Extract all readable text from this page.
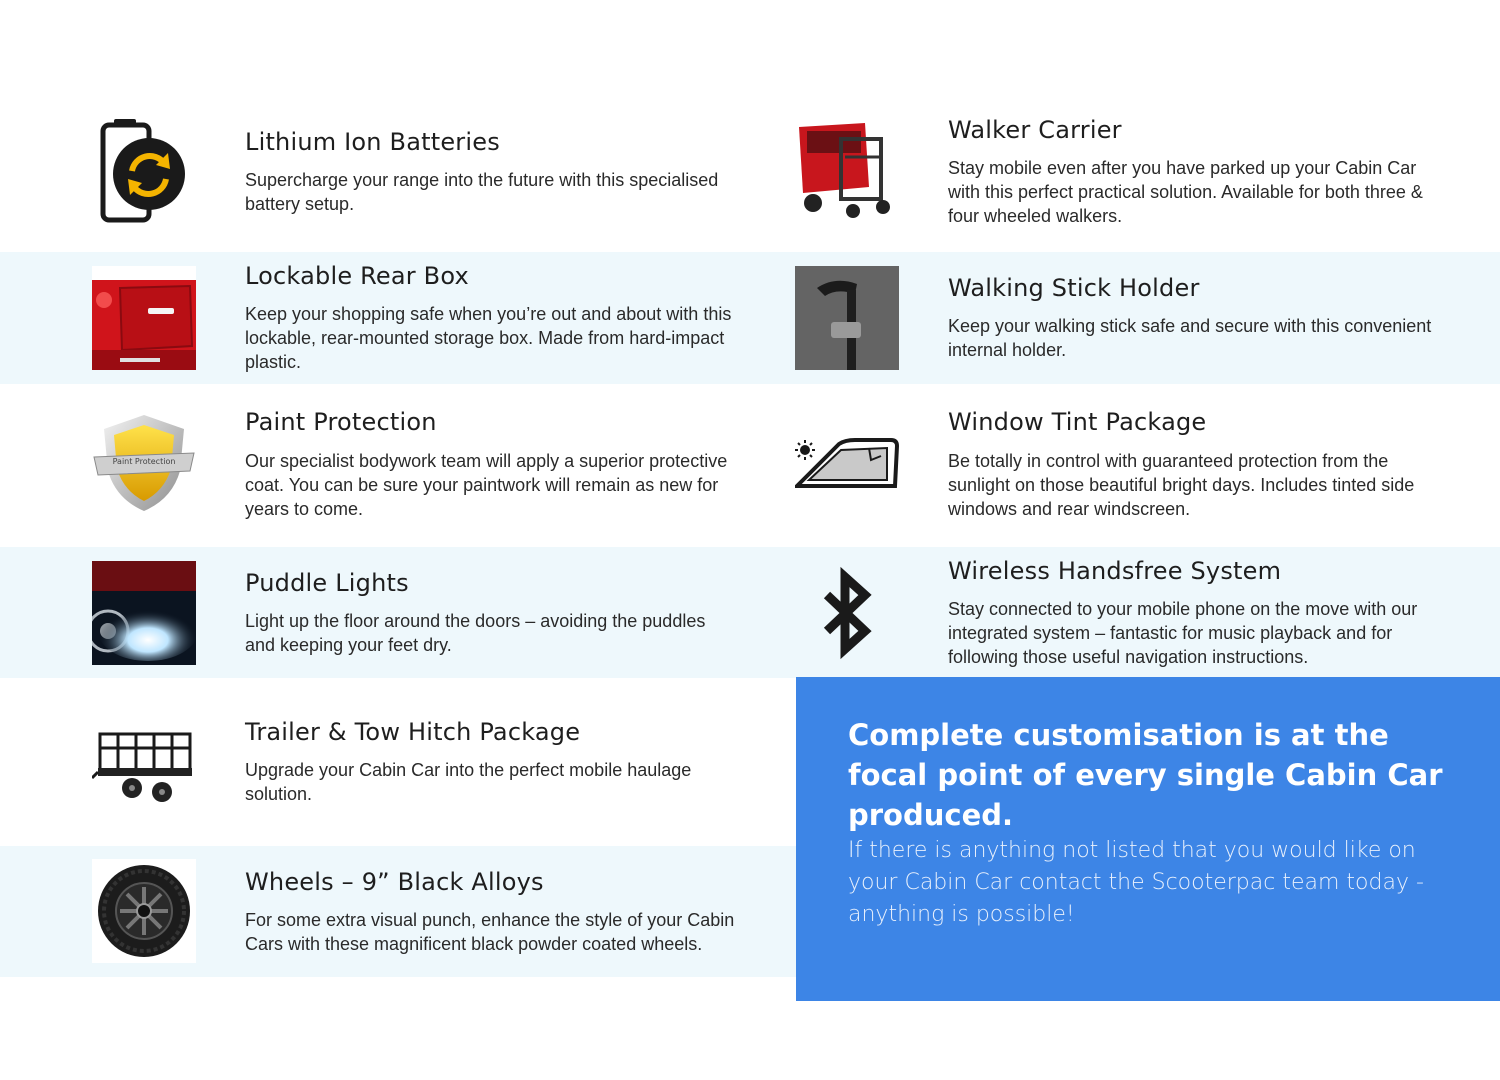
Lithium Ion Batteries
Supercharge your range into the future with this specialised battery setup.
Walker Carrier
Stay mobile even after you have parked up your Cabin Car with this perfect practical solution. Available for both three & four wheeled walkers.
Lockable Rear Box
Keep your shopping safe when you’re out and about with this lockable, rear-mounted storage box. Made from hard-impact plastic.
Walking Stick Holder
Keep your walking stick safe and secure with this convenient internal holder.
Paint Protection
Paint Protection
Our specialist bodywork team will apply a superior protective coat. You can be sure your paintwork will remain as new for years to come.
Window Tint Package
Be totally in control with guaranteed protection from the sunlight on those beautiful bright days. Includes tinted side windows and rear windscreen.
Puddle Lights
Light up the floor around the doors – avoiding the puddles and keeping your feet dry.
Wireless Handsfree System
Stay connected to your mobile phone on the move with our integrated system – fantastic for music playback and for following those useful navigation instructions.
Trailer & Tow Hitch Package
Upgrade your Cabin Car into the perfect mobile haulage solution.
Wheels – 9” Black Alloys
For some extra visual punch, enhance the style of your Cabin Cars with these magnificent black powder coated wheels.
Complete customisation is at the focal point of every single Cabin Car produced.
If there is anything not listed that you would like on your Cabin Car contact the Scooterpac team today - anything is possible!
